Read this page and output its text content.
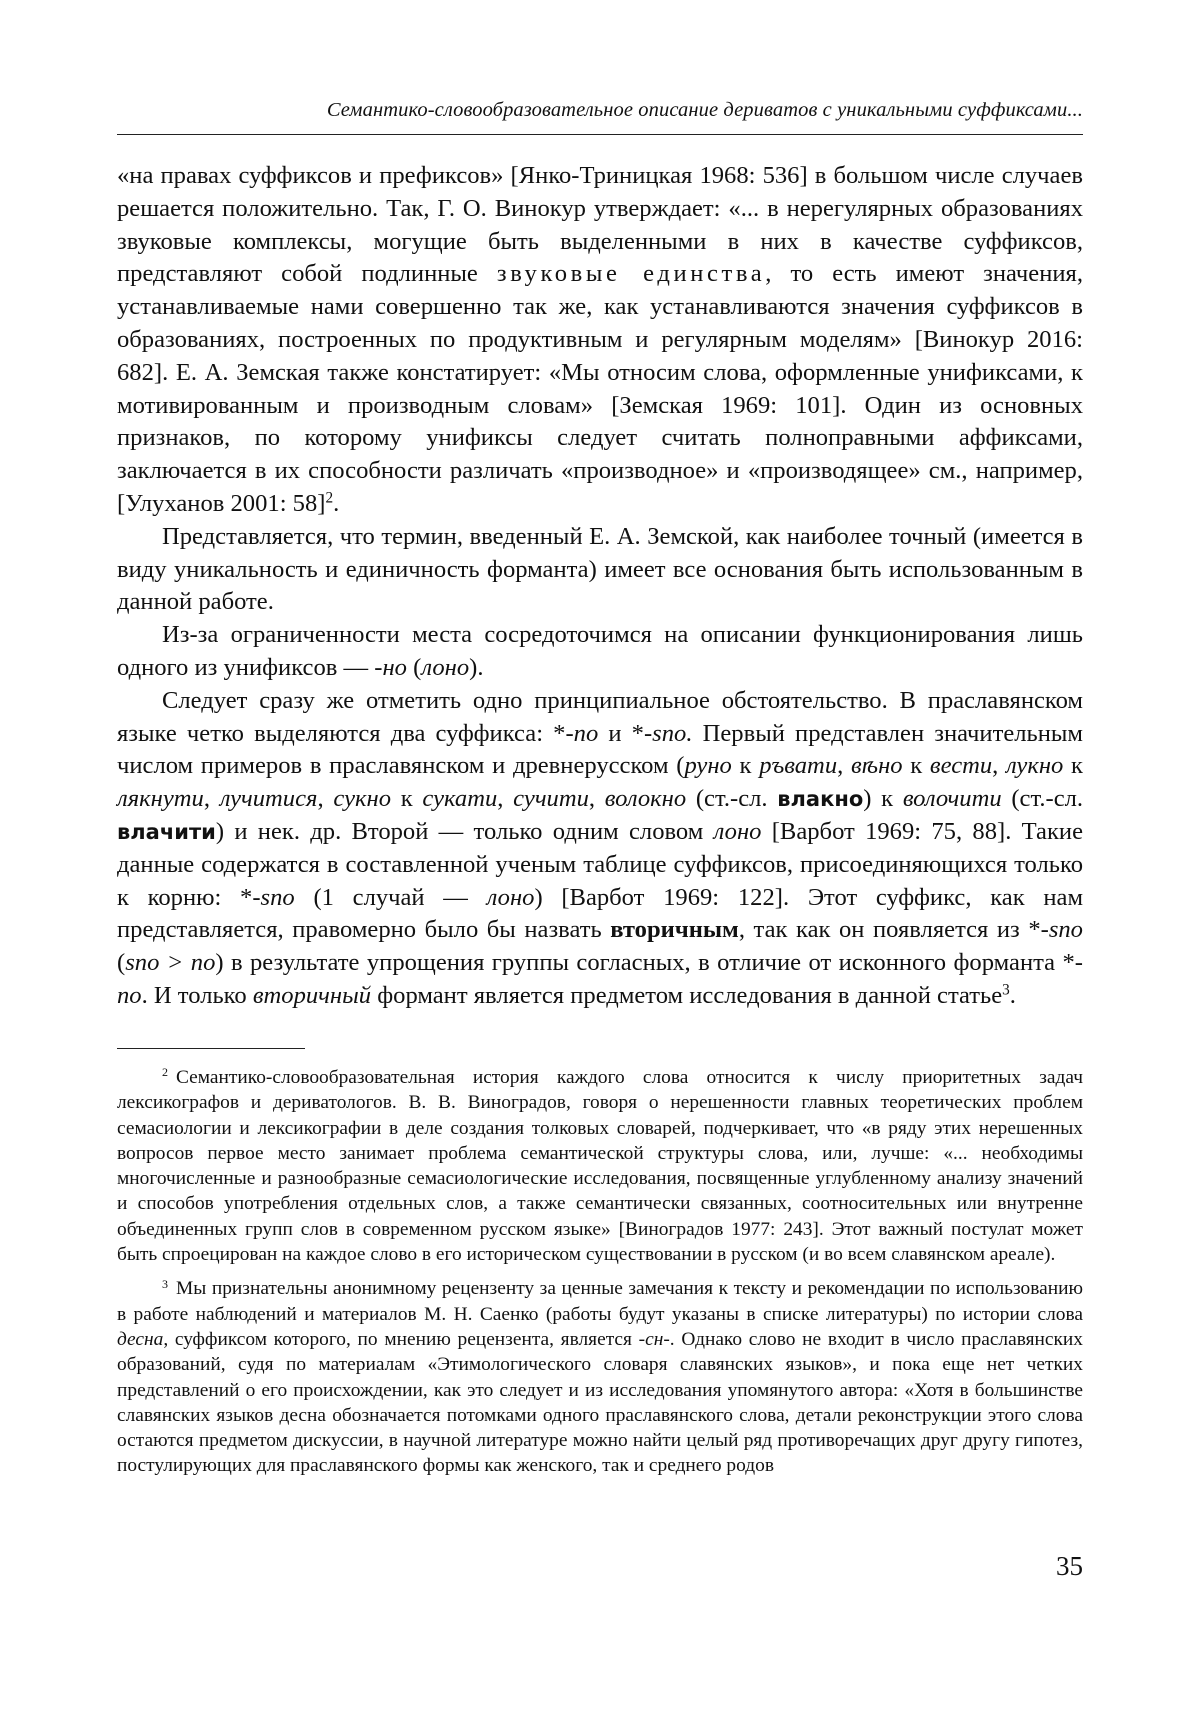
Семантико-словообразовательное описание дериватов с уникальными суффиксами...

«на правах суффиксов и префиксов» [Янко-Триницкая 1968: 536] в большом числе случаев решается положительно. Так, Г. О. Винокур утверждает: «... в нерегулярных образованиях звуковые комплексы, могущие быть выделенными в них в качестве суффиксов, представляют собой подлинные звуковые единства, то есть имеют значения, устанавливаемые нами совершенно так же, как устанавливаются значения суффиксов в образованиях, построенных по продуктивным и регулярным моделям» [Винокур 2016: 682]. Е. А. Земская также констатирует: «Мы относим слова, оформленные унификсами, к мотивированным и производным словам» [Земская 1969: 101]. Один из основных признаков, по которому унификсы следует считать полноправными аффиксами, заключается в их способности различать «производное» и «производящее» см., например, [Улуханов 2001: 58]$^2$.

Представляется, что термин, введенный Е. А. Земской, как наиболее точный (имеется в виду уникальность и единичность форманта) имеет все основания быть использованным в данной работе.

Из-за ограниченности места сосредоточимся на описании функционирования лишь одного из унификсов — -но (лоно).

Следует сразу же отметить одно принципиальное обстоятельство. В праславянском языке четко выделяются два суффикса: *-no и *-sno. Первый представлен значительным числом примеров в праславянском и древнерусском (руно к ръвати, вѣно к вести, лукно к лякнути, лучитися, сукно к сукати, сучити, волокно (ст.-сл. влакно) к волочити (ст.-сл. влачити) и нек. др. Второй — только одним словом лоно [Варбот 1969: 75, 88]. Такие данные содержатся в составленной ученым таблице суффиксов, присоединяющихся только к корню: *-sno (1 случай — лоно) [Варбот 1969: 122]. Этот суффикс, как нам представляется, правомерно было бы назвать вторичным, так как он появляется из *-sno (sno > no) в результате упрощения группы согласных, в отличие от исконного форманта *-no. И только вторичный формант является предметом исследования в данной статье$^3$.

$^2$ Семантико-словообразовательная история каждого слова относится к числу приоритетных задач лексикографов и дериватологов. В. В. Виноградов, говоря о нерешенности главных теоретических проблем семасиологии и лексикографии в деле создания толковых словарей, подчеркивает, что «в ряду этих нерешенных вопросов первое место занимает проблема семантической структуры слова, или, лучше: «... необходимы многочисленные и разнообразные семасиологические исследования, посвященные углубленному анализу значений и способов употребления отдельных слов, а также семантически связанных, соотносительных или внутренне объединенных групп слов в современном русском языке» [Виноградов 1977: 243]. Этот важный постулат может быть спроецирован на каждое слово в его историческом существовании в русском (и во всем славянском ареале).

$^3$ Мы признательны анонимному рецензенту за ценные замечания к тексту и рекомендации по использованию в работе наблюдений и материалов М. Н. Саенко (работы будут указаны в списке литературы) по истории слова десна, суффиксом которого, по мнению рецензента, является -сн-. Однако слово не входит в число праславянских образований, судя по материалам «Этимологического словаря славянских языков», и пока еще нет четких представлений о его происхождении, как это следует и из исследования упомянутого автора: «Хотя в большинстве славянских языков десна обозначается потомками одного праславянского слова, детали реконструкции этого слова остаются предметом дискуссии, в научной литературе можно найти целый ряд противоречащих друг другу гипотез, постулирующих для праславянского формы как женского, так и среднего родов

35
